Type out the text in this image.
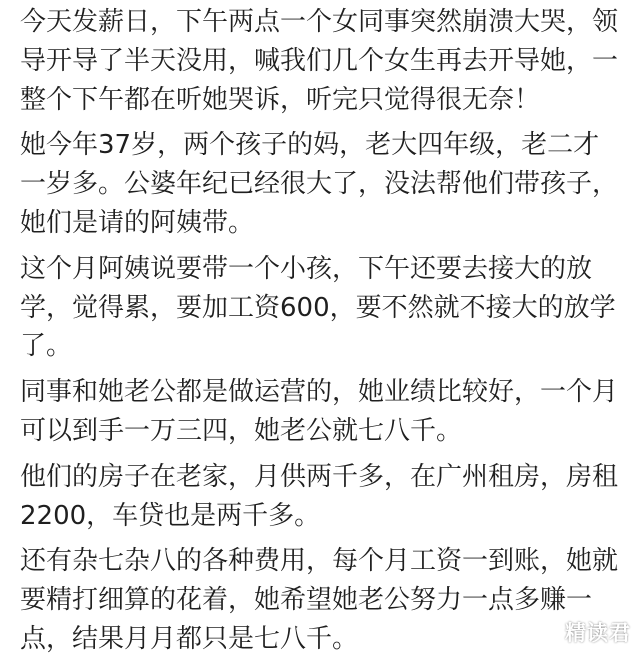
今天发薪日，下午两点一个女同事突然崩溃大哭，领
导开导了半天没用，喊我们几个女生再去开导她，一
整个下午都在听她哭诉，听完只觉得很无奈！
她今年37岁，两个孩子的妈，老大四年级，老二才
一岁多。公婆年纪已经很大了，没法帮他们带孩子，
她们是请的阿姨带。
这个月阿姨说要带一个小孩，下午还要去接大的放
学，觉得累，要加工资600，要不然就不接大的放学
了。
同事和她老公都是做运营的，她业绩比较好，一个月
可以到手一万三四，她老公就七八千。
他们的房子在老家，月供两千多，在广州租房，房租
2200，车贷也是两千多。
还有杂七杂八的各种费用，每个月工资一到账，她就
要精打细算的花着，她希望她老公努力一点多赚一
点，结果月月都只是七八千。	精读君
